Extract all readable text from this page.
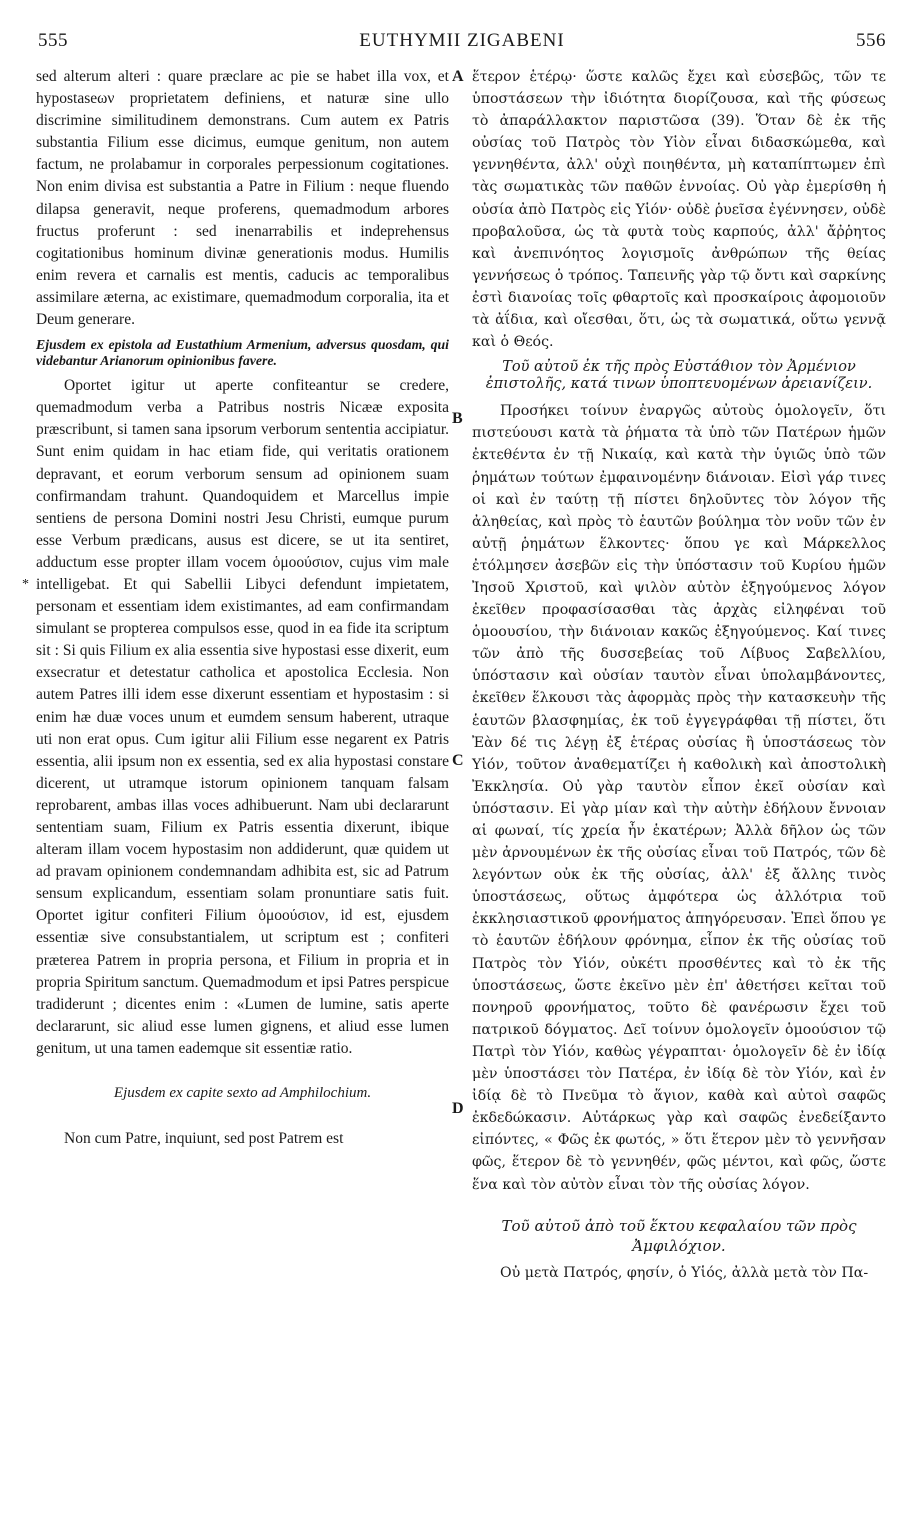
555	EUTHYMII ZIGABENI	556
*
A
B
C
D

sed alterum alteri : quare præclare ac pie se habet illa vox, et hypostaseων proprietatem definiens, et naturæ sine ullo discrimine similitudinem demonstrans. Cum autem ex Patris substantia Filium esse dicimus, eumque genitum, non autem factum, ne prolabamur in corporales perpessionum cogitationes. Non enim divisa est substantia a Patre in Filium : neque fluendo dilapsa generavit, neque proferens, quemadmodum arbores fructus proferunt : sed inenarrabilis et indeprehensus cogitationibus hominum divinæ generationis modus. Humilis enim revera et carnalis est mentis, caducis ac temporalibus assimilare æterna, ac existimare, quemadmodum corporalia, ita et Deum generare.

Ejusdem ex epistola ad Eustathium Armenium, adversus quosdam, qui videbantur Arianorum opinionibus favere.

Oportet igitur ut aperte confiteantur se credere, quemadmodum verba a Patribus nostris Nicææ exposita præscribunt, si tamen sana ipsorum verborum sententia accipiatur. Sunt enim quidam in hac etiam fide, qui veritatis orationem depravant, et eorum verborum sensum ad opinionem suam confirmandam trahunt. Quandoquidem et Marcellus impie sentiens de persona Domini nostri Jesu Christi, eumque purum esse Verbum prædicans, ausus est dicere, se ut ita sentiret, adductum esse propter illam vocem ὁμοούσιον, cujus vim male intelligebat. Et qui Sabellii Libyci defendunt impietatem, personam et essentiam idem existimantes, ad eam confirmandam simulant se propterea compulsos esse, quod in ea fide ita scriptum sit : Si quis Filium ex alia essentia sive hypostasi esse dixerit, eum exsecratur et detestatur catholica et apostolica Ecclesia. Non autem Patres illi idem esse dixerunt essentiam et hypostasim : si enim hæ duæ voces unum et eumdem sensum haberent, utraque uti non erat opus. Cum igitur alii Filium esse negarent ex Patris essentia, alii ipsum non ex essentia, sed ex alia hypostasi constare dicerent, ut utramque istorum opinionem tanquam falsam reprobarent, ambas illas voces adhibuerunt. Nam ubi declararunt sententiam suam, Filium ex Patris essentia dixerunt, ibique alteram illam vocem hypostasim non addiderunt, quæ quidem ut ad pravam opinionem condemnandam adhibita est, sic ad Patrum sensum explicandum, essentiam solam pronuntiare satis fuit. Oportet igitur confiteri Filium ὁμοούσιον, id est, ejusdem essentiæ sive consubstantialem, ut scriptum est ; confiteri præterea Patrem in propria persona, et Filium in propria et in propria Spiritum sanctum. Quemadmodum et ipsi Patres perspicue tradiderunt ; dicentes enim : «Lumen de lumine, satis aperte declararunt, sic aliud esse lumen gignens, et aliud esse lumen genitum, ut una tamen eademque sit essentiæ ratio.

Ejusdem ex capite sexto ad Amphilochium.

Non cum Patre, inquiunt, sed post Patrem est

ἕτερον ἑτέρῳ· ὥστε καλῶς ἔχει καὶ εὐσεβῶς, τῶν τε ὑποστάσεων τὴν ἰδιότητα διορίζουσα, καὶ τῆς φύσεως τὸ ἀπαράλλακτον παριστῶσα (39). Ὅταν δὲ ἐκ τῆς οὐσίας τοῦ Πατρὸς τὸν Υἱὸν εἶναι διδασκώμεθα, καὶ γεννηθέντα, ἀλλ' οὐχὶ ποιηθέντα, μὴ καταπίπτωμεν ἐπὶ τὰς σωματικὰς τῶν παθῶν ἐννοίας. Οὐ γὰρ ἐμερίσθη ἡ οὐσία ἀπὸ Πατρὸς εἰς Υἱόν· οὐδὲ ῥυεῖσα ἐγέννησεν, οὐδὲ προβαλοῦσα, ὡς τὰ φυτὰ τοὺς καρπούς, ἀλλ' ἄῤῥητος καὶ ἀνεπινόητος λογισμοῖς ἀνθρώπων τῆς θείας γεννήσεως ὁ τρόπος. Ταπεινῆς γὰρ τῷ ὄντι καὶ σαρκίνης ἐστὶ διανοίας τοῖς φθαρτοῖς καὶ προσκαίροις ἀφομοιοῦν τὰ ἀΐδια, καὶ οἴεσθαι, ὅτι, ὡς τὰ σωματικά, οὕτω γεννᾷ καὶ ὁ Θεός.

Τοῦ αὐτοῦ ἐκ τῆς πρὸς Εὐστάθιον τὸν Ἀρμένιον ἐπιστολῆς, κατά τινων ὑποπτευομένων ἀρειανίζειν.

Προσήκει τοίνυν ἐναργῶς αὐτοὺς ὁμολογεῖν, ὅτι πιστεύουσι κατὰ τὰ ῥήματα τὰ ὑπὸ τῶν Πατέρων ἡμῶν ἐκτεθέντα ἐν τῇ Νικαίᾳ, καὶ κατὰ τὴν ὑγιῶς ὑπὸ τῶν ῥημάτων τούτων ἐμφαινομένην διάνοιαν. Εἰσὶ γάρ τινες οἱ καὶ ἐν ταύτῃ τῇ πίστει δηλοῦντες τὸν λόγον τῆς ἀληθείας, καὶ πρὸς τὸ ἑαυτῶν βούλημα τὸν νοῦν τῶν ἐν αὐτῇ ῥημάτων ἕλκοντες· ὅπου γε καὶ Μάρκελλος ἐτόλμησεν ἀσεβῶν εἰς τὴν ὑπόστασιν τοῦ Κυρίου ἡμῶν Ἰησοῦ Χριστοῦ, καὶ ψιλὸν αὐτὸν ἐξηγούμενος λόγον ἐκεῖθεν προφασίσασθαι τὰς ἀρχὰς εἰληφέναι τοῦ ὁμοουσίου, τὴν διάνοιαν κακῶς ἐξηγούμενος. Καί τινες τῶν ἀπὸ τῆς δυσσεβείας τοῦ Λίβυος Σαβελλίου, ὑπόστασιν καὶ οὐσίαν ταυτὸν εἶναι ὑπολαμβάνοντες, ἐκεῖθεν ἕλκουσι τὰς ἀφορμὰς πρὸς τὴν κατασκευὴν τῆς ἑαυτῶν βλασφημίας, ἐκ τοῦ ἐγγεγράφθαι τῇ πίστει, ὅτι Ἐὰν δέ τις λέγῃ ἐξ ἑτέρας οὐσίας ἢ ὑποστάσεως τὸν Υἱόν, τοῦτον ἀναθεματίζει ἡ καθολικὴ καὶ ἀποστολικὴ Ἐκκλησία. Οὐ γὰρ ταυτὸν εἶπον ἐκεῖ οὐσίαν καὶ ὑπόστασιν. Εἰ γὰρ μίαν καὶ τὴν αὐτὴν ἐδήλουν ἔννοιαν αἱ φωναί, τίς χρεία ἦν ἑκατέρων; Ἀλλὰ δῆλον ὡς τῶν μὲν ἀρνουμένων ἐκ τῆς οὐσίας εἶναι τοῦ Πατρός, τῶν δὲ λεγόντων οὐκ ἐκ τῆς οὐσίας, ἀλλ' ἐξ ἄλλης τινὸς ὑποστάσεως, οὕτως ἀμφότερα ὡς ἀλλότρια τοῦ ἐκκλησιαστικοῦ φρονήματος ἀπηγόρευσαν. Ἐπεὶ ὅπου γε τὸ ἑαυτῶν ἐδήλουν φρόνημα, εἶπον ἐκ τῆς οὐσίας τοῦ Πατρὸς τὸν Υἱόν, οὐκέτι προσθέντες καὶ τὸ ἐκ τῆς ὑποστάσεως, ὥστε ἐκεῖνο μὲν ἐπ' ἀθετήσει κεῖται τοῦ πονηροῦ φρονήματος, τοῦτο δὲ φανέρωσιν ἔχει τοῦ πατρικοῦ δόγματος. Δεῖ τοίνυν ὁμολογεῖν ὁμοούσιον τῷ Πατρὶ τὸν Υἱόν, καθὼς γέγραπται· ὁμολογεῖν δὲ ἐν ἰδίᾳ μὲν ὑποστάσει τὸν Πατέρα, ἐν ἰδίᾳ δὲ τὸν Υἱόν, καὶ ἐν ἰδίᾳ δὲ τὸ Πνεῦμα τὸ ἅγιον, καθὰ καὶ αὐτοὶ σαφῶς ἐκδεδώκασιν. Αὐτάρκως γὰρ καὶ σαφῶς ἐνεδείξαντο εἰπόντες, « Φῶς ἐκ φωτός, » ὅτι ἕτερον μὲν τὸ γεννῆσαν φῶς, ἕτερον δὲ τὸ γεννηθέν, φῶς μέντοι, καὶ φῶς, ὥστε ἕνα καὶ τὸν αὐτὸν εἶναι τὸν τῆς οὐσίας λόγον.

Τοῦ αὐτοῦ ἀπὸ τοῦ ἕκτου κεφαλαίου τῶν πρὸς Ἀμφιλόχιον.

Οὐ μετὰ Πατρός, φησίν, ὁ Υἱός, ἀλλὰ μετὰ τὸν Πα-
